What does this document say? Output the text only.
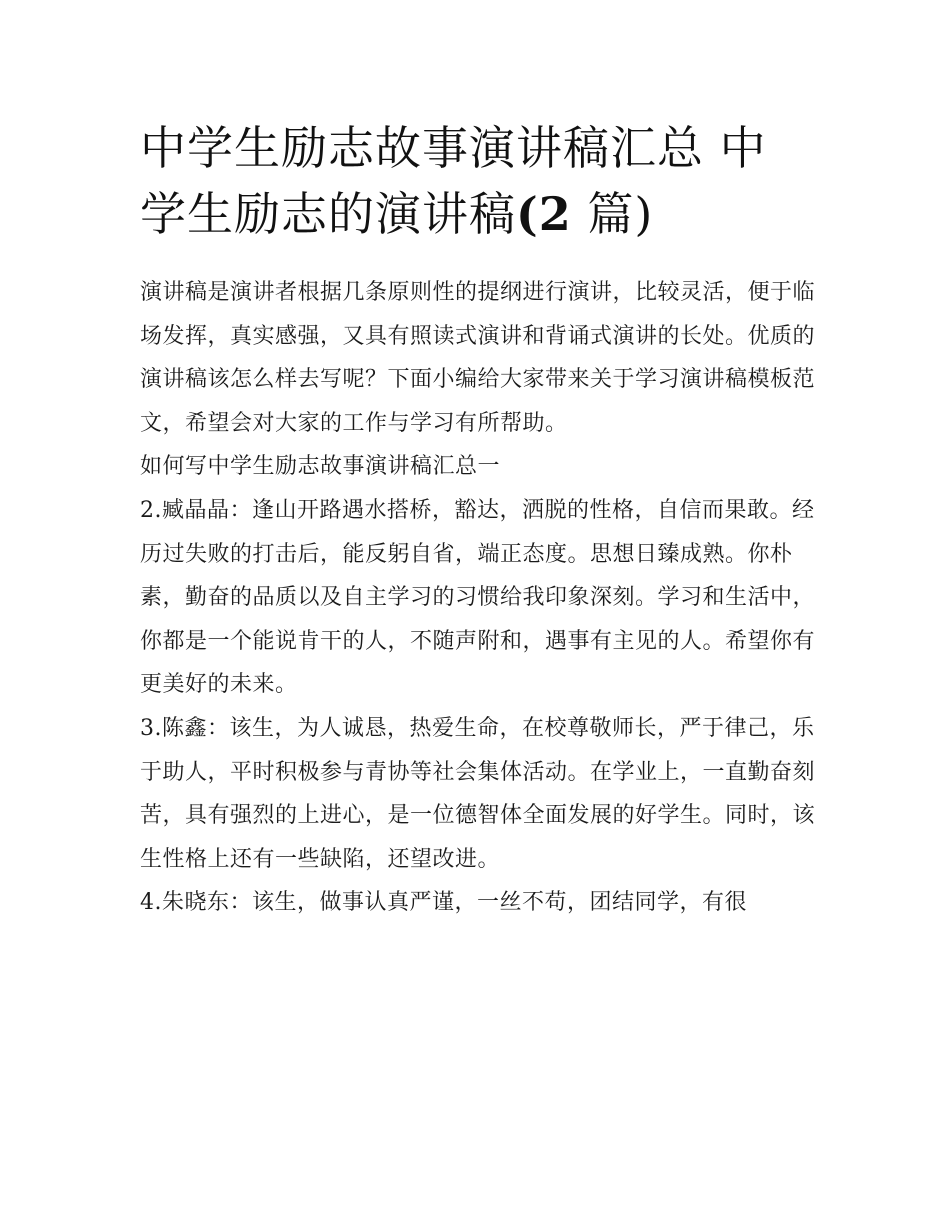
中学生励志故事演讲稿汇总 中
学生励志的演讲稿(2 篇)

演讲稿是演讲者根据几条原则性的提纲进行演讲，比较灵活，便于临场发挥，真实感强，又具有照读式演讲和背诵式演讲的长处。优质的演讲稿该怎么样去写呢？下面小编给大家带来关于学习演讲稿模板范文，希望会对大家的工作与学习有所帮助。

如何写中学生励志故事演讲稿汇总一

2.臧晶晶：逢山开路遇水搭桥，豁达，洒脱的性格，自信而果敢。经历过失败的打击后，能反躬自省，端正态度。思想日臻成熟。你朴素，勤奋的品质以及自主学习的习惯给我印象深刻。学习和生活中，你都是一个能说肯干的人，不随声附和，遇事有主见的人。希望你有更美好的未来。

3.陈鑫：该生，为人诚恳，热爱生命，在校尊敬师长，严于律己，乐于助人，平时积极参与青协等社会集体活动。在学业上，一直勤奋刻苦，具有强烈的上进心，是一位德智体全面发展的好学生。同时，该生性格上还有一些缺陷，还望改进。

4.朱晓东：该生，做事认真严谨，一丝不苟，团结同学，有很
